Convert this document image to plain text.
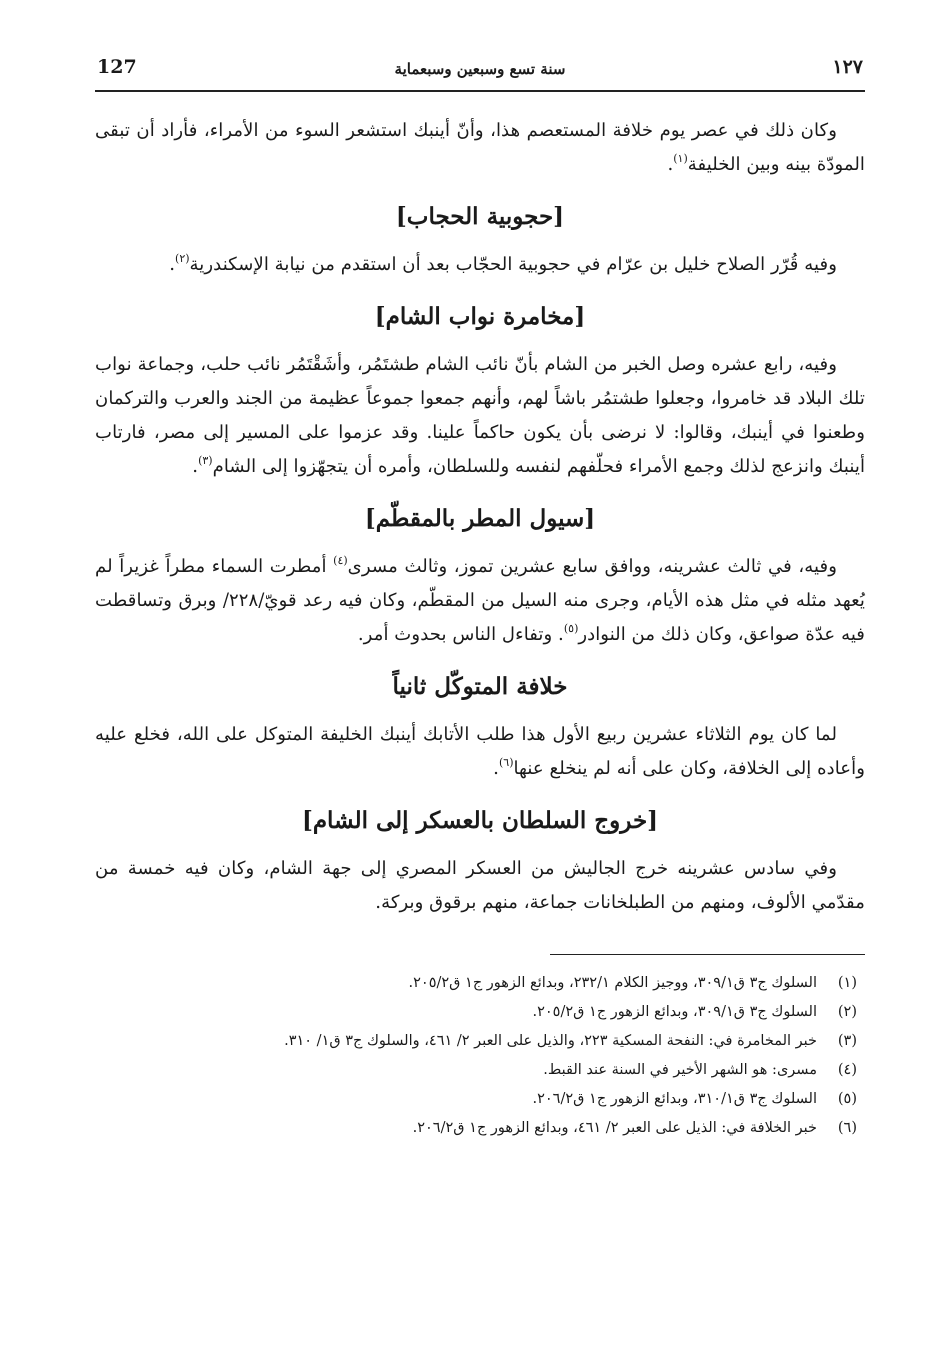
127	سنة تسع وسبعين وسبعماية	١٢٧

وكان ذلك في عصر يوم خلافة المستعصم هذا، وأنّ أينبك استشعر السوء من الأمراء، فأراد أن تبقى المودّة بينه وبين الخليفة$^{(١)}$.

[حجوبية الحجاب]

وفيه قُرّر الصلاح خليل بن عرّام في حجوبية الحجّاب بعد أن استقدم من نيابة الإسكندرية$^{(٢)}$.

[مخامرة نواب الشام]

وفيه، رابع عشره وصل الخبر من الشام بأنّ نائب الشام طشتَمُر، وأشَقْتَمُر نائب حلب، وجماعة نواب تلك البلاد قد خامروا، وجعلوا طشتمُر باشاً لهم، وأنهم جمعوا جموعاً عظيمة من الجند والعرب والتركمان وطعنوا في أينبك، وقالوا: لا نرضى بأن يكون حاكماً علينا. وقد عزموا على المسير إلى مصر، فارتاب أينبك وانزعج لذلك وجمع الأمراء فحلّفهم لنفسه وللسلطان، وأمره أن يتجهّزوا إلى الشام$^{(٣)}$.

[سيول المطر بالمقطّم]

وفيه، في ثالث عشرينه، ووافق سابع عشرين تموز، وثالث مسرى$^{(٤)}$ أمطرت السماء مطراً غزيراً لم يُعهد مثله في مثل هذه الأيام، وجرى منه السيل من المقطّم، وكان فيه رعد قويّ/٢٢٨/ وبرق وتساقطت فيه عدّة صواعق، وكان ذلك من النوادر$^{(٥)}$. وتفاءل الناس بحدوث أمر.

خلافة المتوكّل ثانياً

لما كان يوم الثلاثاء عشرين ربيع الأول هذا طلب الأتابك أينبك الخليفة المتوكل على الله، فخلع عليه وأعاده إلى الخلافة، وكان على أنه لم ينخلع عنها$^{(٦)}$.

[خروج السلطان بالعسكر إلى الشام]

وفي سادس عشرينه خرج الجاليش من العسكر المصري إلى جهة الشام، وكان فيه خمسة من مقدّمي الألوف، ومنهم من الطبلخانات جماعة، منهم برقوق وبركة.

(١)
السلوك ج٣ ق٣٠٩/١، ووجيز الكلام ٢٣٢/١، وبدائع الزهور ج١ ق٢٠٥/٢.
(٢)
السلوك ج٣ ق٣٠٩/١، وبدائع الزهور ج١ ق٢٠٥/٢.
(٣)
خبر المخامرة في: النفحة المسكية ٢٢٣، والذيل على العبر ٢/ ٤٦١، والسلوك ج٣ ق١/ ٣١٠.
(٤)
مسرى: هو الشهر الأخير في السنة عند القبط.
(٥)
السلوك ج٣ ق٣١٠/١، وبدائع الزهور ج١ ق٢٠٦/٢.
(٦)
خبر الخلافة في: الذيل على العبر ٢/ ٤٦١، وبدائع الزهور ج١ ق٢٠٦/٢.
